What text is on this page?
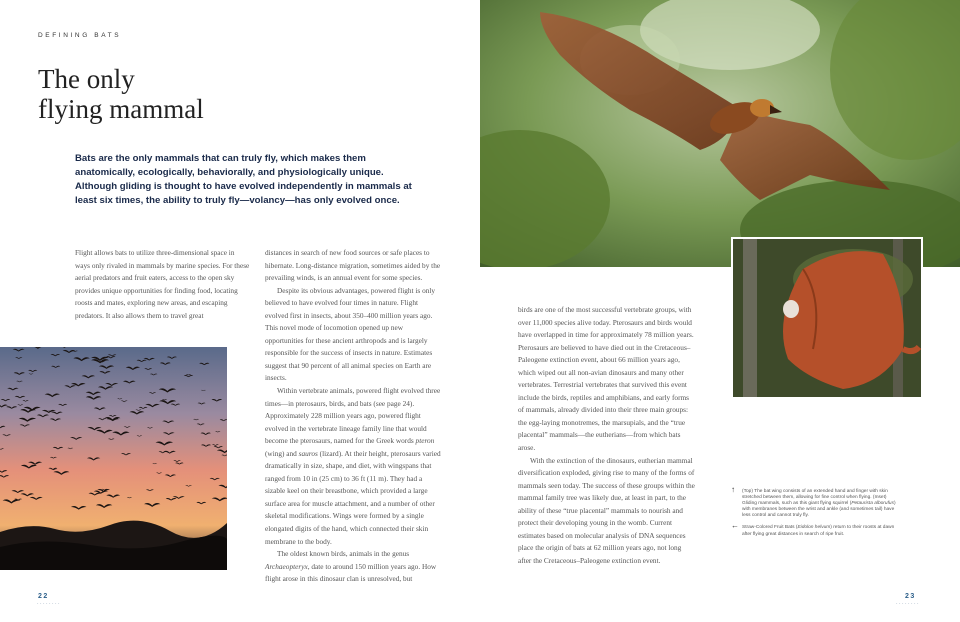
DEFINING BATS
The only
flying mammal

Bats are the only mammals that can truly fly, which makes them anatomically, ecologically, behaviorally, and physiologically unique. Although gliding is thought to have evolved independently in mammals at least six times, the ability to truly fly—volancy—has only evolved once.

Flight allows bats to utilize three-dimensional space in ways only rivaled in mammals by marine species. For these aerial predators and fruit eaters, access to the open sky provides unique opportunities for finding food, locating roosts and mates, exploring new areas, and escaping predators. It also allows them to travel great

distances in search of new food sources or safe places to hibernate. Long-distance migration, sometimes aided by the prevailing winds, is an annual event for some species.

Despite its obvious advantages, powered flight is only believed to have evolved four times in nature. Flight evolved first in insects, about 350–400 million years ago. This novel mode of locomotion opened up new opportunities for these ancient arthropods and is largely responsible for the success of insects in nature. Estimates suggest that 90 percent of all animal species on Earth are insects.

Within vertebrate animals, powered flight evolved three times—in pterosaurs, birds, and bats (see page 24). Approximately 228 million years ago, powered flight evolved in the vertebrate lineage family line that would become the pterosaurs, named for the Greek words pteron (wing) and sauros (lizard). At their height, pterosaurs varied dramatically in size, shape, and diet, with wingspans that ranged from 10 in (25 cm) to 36 ft (11 m). They had a sizable keel on their breastbone, which provided a large surface area for muscle attachment, and a number of other skeletal modifications. Wings were formed by a single elongated digits of the hand, which connected their skin membrane to the body.

The oldest known birds, animals in the genus Archaeopteryx, date to around 150 million years ago. How flight arose in this dinosaur clan is unresolved, but

22
........

birds are one of the most successful vertebrate groups, with over 11,000 species alive today. Pterosaurs and birds would have overlapped in time for approximately 78 million years. Pterosaurs are believed to have died out in the Cretaceous–Paleogene extinction event, about 66 million years ago, which wiped out all non-avian dinosaurs and many other vertebrates. Terrestrial vertebrates that survived this event include the birds, reptiles and amphibians, and early forms of mammals, already divided into their three main groups: the egg-laying monotremes, the marsupials, and the “true placental” mammals—the eutherians—from which bats arose.

With the extinction of the dinosaurs, eutherian mammal diversification exploded, giving rise to many of the forms of mammals seen today. The success of these groups within the mammal family tree was likely due, at least in part, to the ability of these “true placental” mammals to nourish and protect their developing young in the womb. Current estimates based on molecular analysis of DNA sequences place the origin of bats at 62 million years ago, not long after the Cretaceous–Paleogene extinction event.

↑ (Top) The bat wing consists of an extended hand and finger with skin stretched between them, allowing for fine control when flying. (Inset) Gliding mammals, such as this giant flying squirrel (Petaurista alborufus) with membranes between the wrist and ankle (and sometimes tail) have less control and cannot truly fly.

← Straw-Colored Fruit Bats (Eidolon helvum) return to their roosts at dawn after flying great distances in search of ripe fruit.

23
........
